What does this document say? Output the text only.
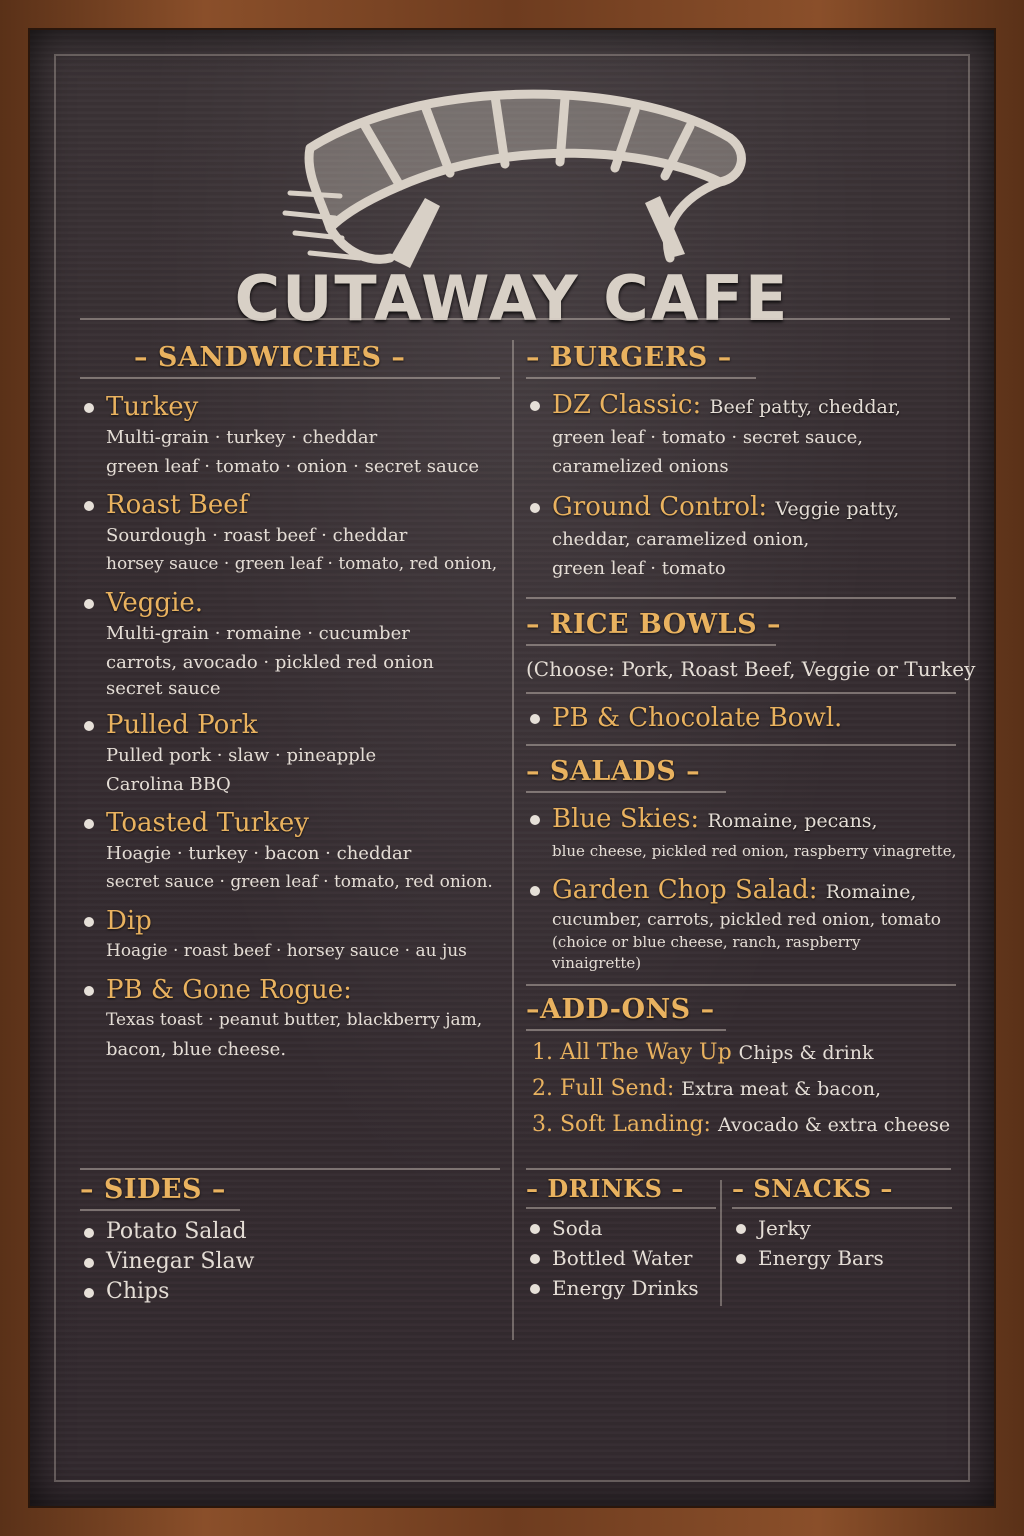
CUTAWAY CAFE
– SANDWICHES –
Turkey
Multi-grain · turkey · cheddar
green leaf · tomato · onion · secret sauce
Roast Beef
Sourdough · roast beef · cheddar
horsey sauce · green leaf · tomato, red onion,
Veggie.
Multi-grain · romaine · cucumber
carrots, avocado · pickled red onion
secret sauce
Pulled Pork
Pulled pork · slaw · pineapple
Carolina BBQ
Toasted Turkey
Hoagie · turkey · bacon · cheddar
secret sauce · green leaf · tomato, red onion.
Dip
Hoagie · roast beef · horsey sauce · au jus
PB & Gone Rogue:
Texas toast · peanut butter, blackberry jam,
bacon, blue cheese.
– SIDES –
Potato Salad
Vinegar Slaw
Chips
– BURGERS –
DZ Classic: Beef patty, cheddar,
green leaf · tomato · secret sauce,
caramelized onions
Ground Control: Veggie patty,
cheddar, caramelized onion,
green leaf · tomato
– RICE BOWLS –
(Choose: Pork, Roast Beef, Veggie or Turkey
PB & Chocolate Bowl.
– SALADS –
Blue Skies: Romaine, pecans,
blue cheese, pickled red onion, raspberry vinagrette,
Garden Chop Salad: Romaine,
cucumber, carrots, pickled red onion, tomato
(choice or blue cheese, ranch, raspberry
vinaigrette)
–ADD-ONS –
1. All The Way Up Chips & drink
2. Full Send: Extra meat & bacon,
3. Soft Landing: Avocado & extra cheese
– DRINKS –
Soda
Bottled Water
Energy Drinks
– SNACKS –
Jerky
Energy Bars
